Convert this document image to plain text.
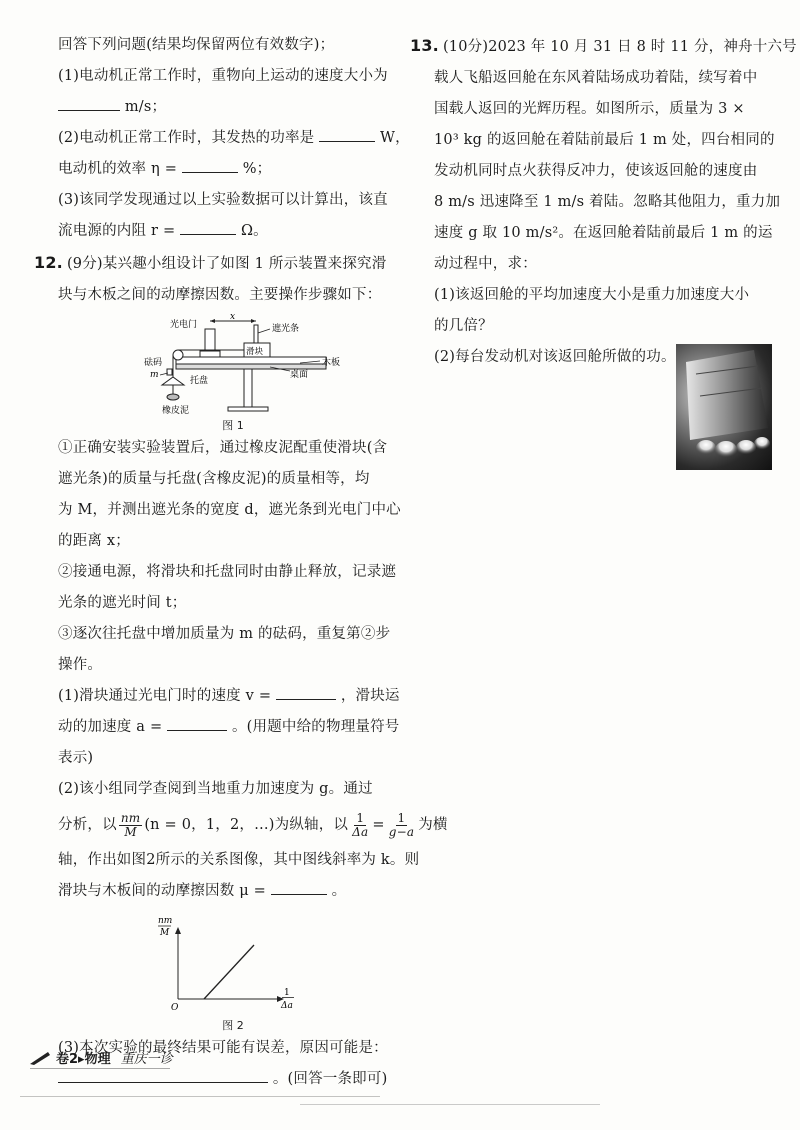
回答下列问题(结果均保留两位有效数字)；
(1)电动机正常工作时，重物向上运动的速度大小为
m/s；
(2)电动机正常工作时，其发热的功率是	W，
电动机的效率 η =	%；
(3)该同学发现通过以上实验数据可以计算出，该直
流电源的内阻 r =	Ω。
12. (9分)某兴趣小组设计了如图 1 所示装置来探究滑
块与木板之间的动摩擦因数。主要操作步骤如下：
光电门
x
遮光条
滑块
砝码
m
托盘
桌面
木板
橡皮泥
图 1
①正确安装实验装置后，通过橡皮泥配重使滑块(含
遮光条)的质量与托盘(含橡皮泥)的质量相等，均
为 M，并测出遮光条的宽度 d，遮光条到光电门中心
的距离 x；
②接通电源，将滑块和托盘同时由静止释放，记录遮
光条的遮光时间 t；
③逐次往托盘中增加质量为 m 的砝码，重复第②步
操作。
(1)滑块通过光电门时的速度 v =	，滑块运
动的加速度 a =	。(用题中给的物理量符号
表示)
(2)该小组同学查阅到当地重力加速度为 g。通过
分析，以 $\frac{nm}{M} (n = 0$，1，2，…)为纵轴，以 $\frac{1}{\Delta a} = \frac{1}{g-a}$ 为横
轴，作出如图2所示的关系图像，其中图线斜率为 k。则
滑块与木板间的动摩擦因数 μ =	。
nm
M
O
1
Δa
图 2
(3)本次实验的最终结果可能有误差，原因可能是：
。(回答一条即可)
13. (10分)2023 年 10 月 31 日 8 时 11 分，神舟十六号
载人飞船返回舱在东风着陆场成功着陆，续写着中
国载人返回的光辉历程。如图所示，质量为 3 ×
10³ kg 的返回舱在着陆前最后 1 m 处，四台相同的
发动机同时点火获得反冲力，使该返回舱的速度由
8 m/s 迅速降至 1 m/s 着陆。忽略其他阻力，重力加
速度 g 取 10 m/s²。在返回舱着陆前最后 1 m 的运
动过程中，求：
(1)该返回舱的平均加速度大小是重力加速度大小
的几倍？
(2)每台发动机对该返回舱所做的功。
卷2▸物理 重庆一诊
